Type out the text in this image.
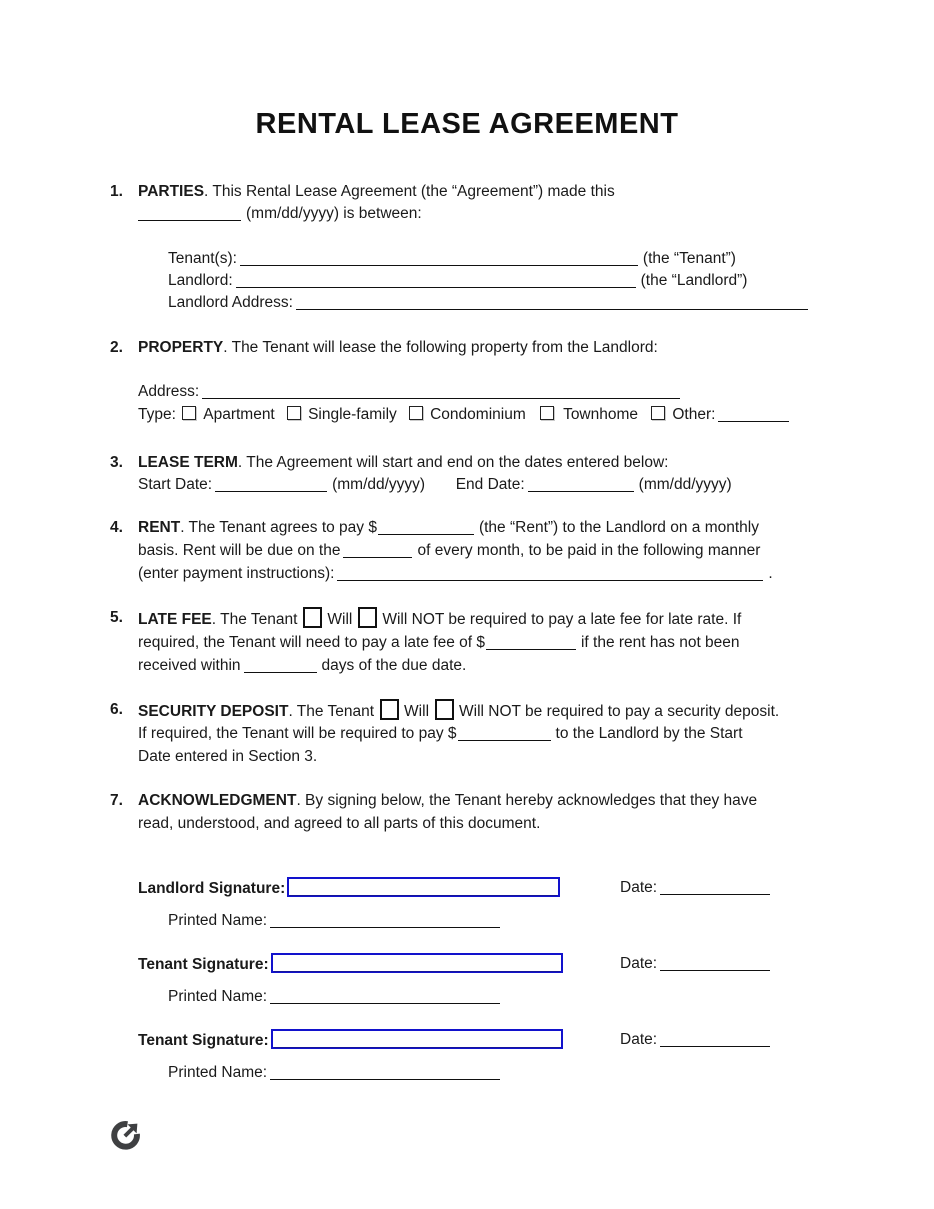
RENTAL LEASE AGREEMENT
1. PARTIES. This Rental Lease Agreement (the “Agreement”) made this
(mm/dd/yyyy) is between:
Tenant(s):	(the “Tenant”)
Landlord:	(the “Landlord”)
Landlord Address:
2. PROPERTY. The Tenant will lease the following property from the Landlord:
Address:
Type: Apartment Single-family Condominium Townhome Other:
3. LEASE TERM. The Agreement will start and end on the dates entered below:
Start Date:	(mm/dd/yyyy) End Date:	(mm/dd/yyyy)
4. RENT. The Tenant agrees to pay $	(the “Rent”) to the Landlord on a monthly
basis. Rent will be due on the	of every month, to be paid in the following manner
(enter payment instructions):	.
5. LATE FEE. The Tenant Will Will NOT be required to pay a late fee for late rate. If
required, the Tenant will need to pay a late fee of $	if the rent has not been
received within	days of the due date.
6. SECURITY DEPOSIT. The Tenant Will Will NOT be required to pay a security deposit.
If required, the Tenant will be required to pay $	to the Landlord by the Start
Date entered in Section 3.
7. ACKNOWLEDGMENT. By signing below, the Tenant hereby acknowledges that they have
read, understood, and agreed to all parts of this document.
Landlord Signature:	Date:
Printed Name:
Tenant Signature:	Date:
Printed Name:
Tenant Signature:	Date:
Printed Name:
